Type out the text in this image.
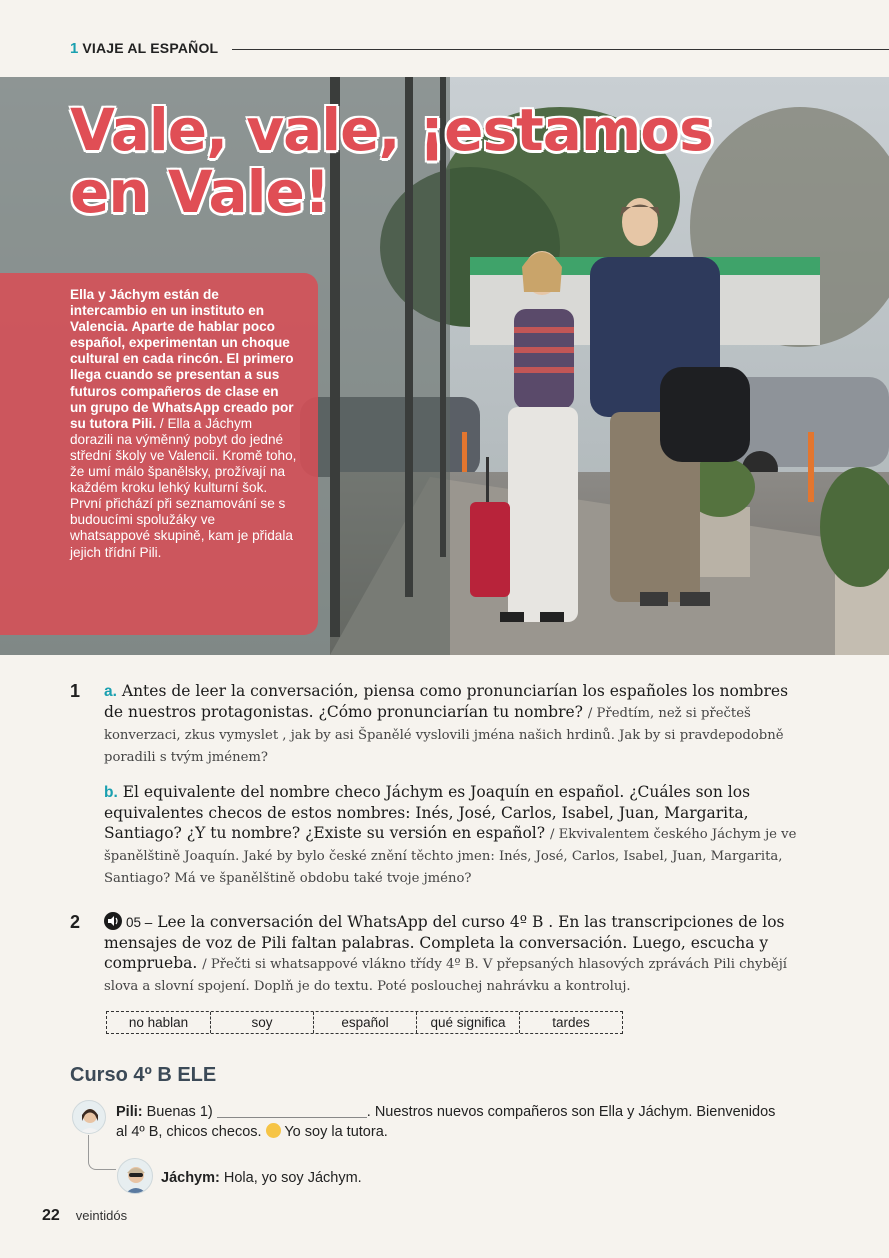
1 VIAJE AL ESPAÑOL
Vale, vale, ¡estamos en Vale!
Ella y Jáchym están de intercambio en un instituto en Valencia. Aparte de hablar poco español, experimentan un choque cultural en cada rincón. El primero llega cuando se presentan a sus futuros compañeros de clase en un grupo de WhatsApp creado por su tutora Pili. / Ella a Jáchym dorazili na výměnný pobyt do jedné střední školy ve Valencii. Kromě toho, že umí málo španělsky, prožívají na každém kroku lehký kulturní šok. První přichází při seznamování se s budoucími spolužáky ve whatsappové skupině, kam je přidala jejich třídní Pili.
1 a. Antes de leer la conversación, piensa como pronunciarían los españoles los nombres de nuestros protagonistas. ¿Cómo pronunciarían tu nombre? / Předtím, než si přečteš konverzaci, zkus vymyslet , jak by asi Španělé vyslovili jména našich hrdinů. Jak by si pravdepodobně poradili s tvým jménem?

b. El equivalente del nombre checo Jáchym es Joaquín en español. ¿Cuáles son los equivalentes checos de estos nombres: Inés, José, Carlos, Isabel, Juan, Margarita, Santiago? ¿Y tu nombre? ¿Existe su versión en español? / Ekvivalentem českého Jáchym je ve španělštině Joaquín. Jaké by bylo české znění těchto jmen: Inés, José, Carlos, Isabel, Juan, Margarita, Santiago? Má ve španělštině obdobu také tvoje jméno?

2	05 – Lee la conversación del WhatsApp del curso 4º B . En las transcripciones de los mensajes de voz de Pili faltan palabras. Completa la conversación. Luego, escucha y comprueba. / Přečti si whatsappové vlákno třídy 4º B. V přepsaných hlasových zprávách Pili chybějí slova a slovní spojení. Doplň je do textu. Poté poslouchej nahrávku a kontroluj.

no hablan	soy	español	qué significa	tardes
Curso 4º B ELE
Pili: Buenas 1)	. Nuestros nuevos compañeros son Ella y Jáchym. Bienvenidos
al 4º B, chicos checos. Yo soy la tutora.
Jáchym: Hola, yo soy Jáchym.
22 veintidós
